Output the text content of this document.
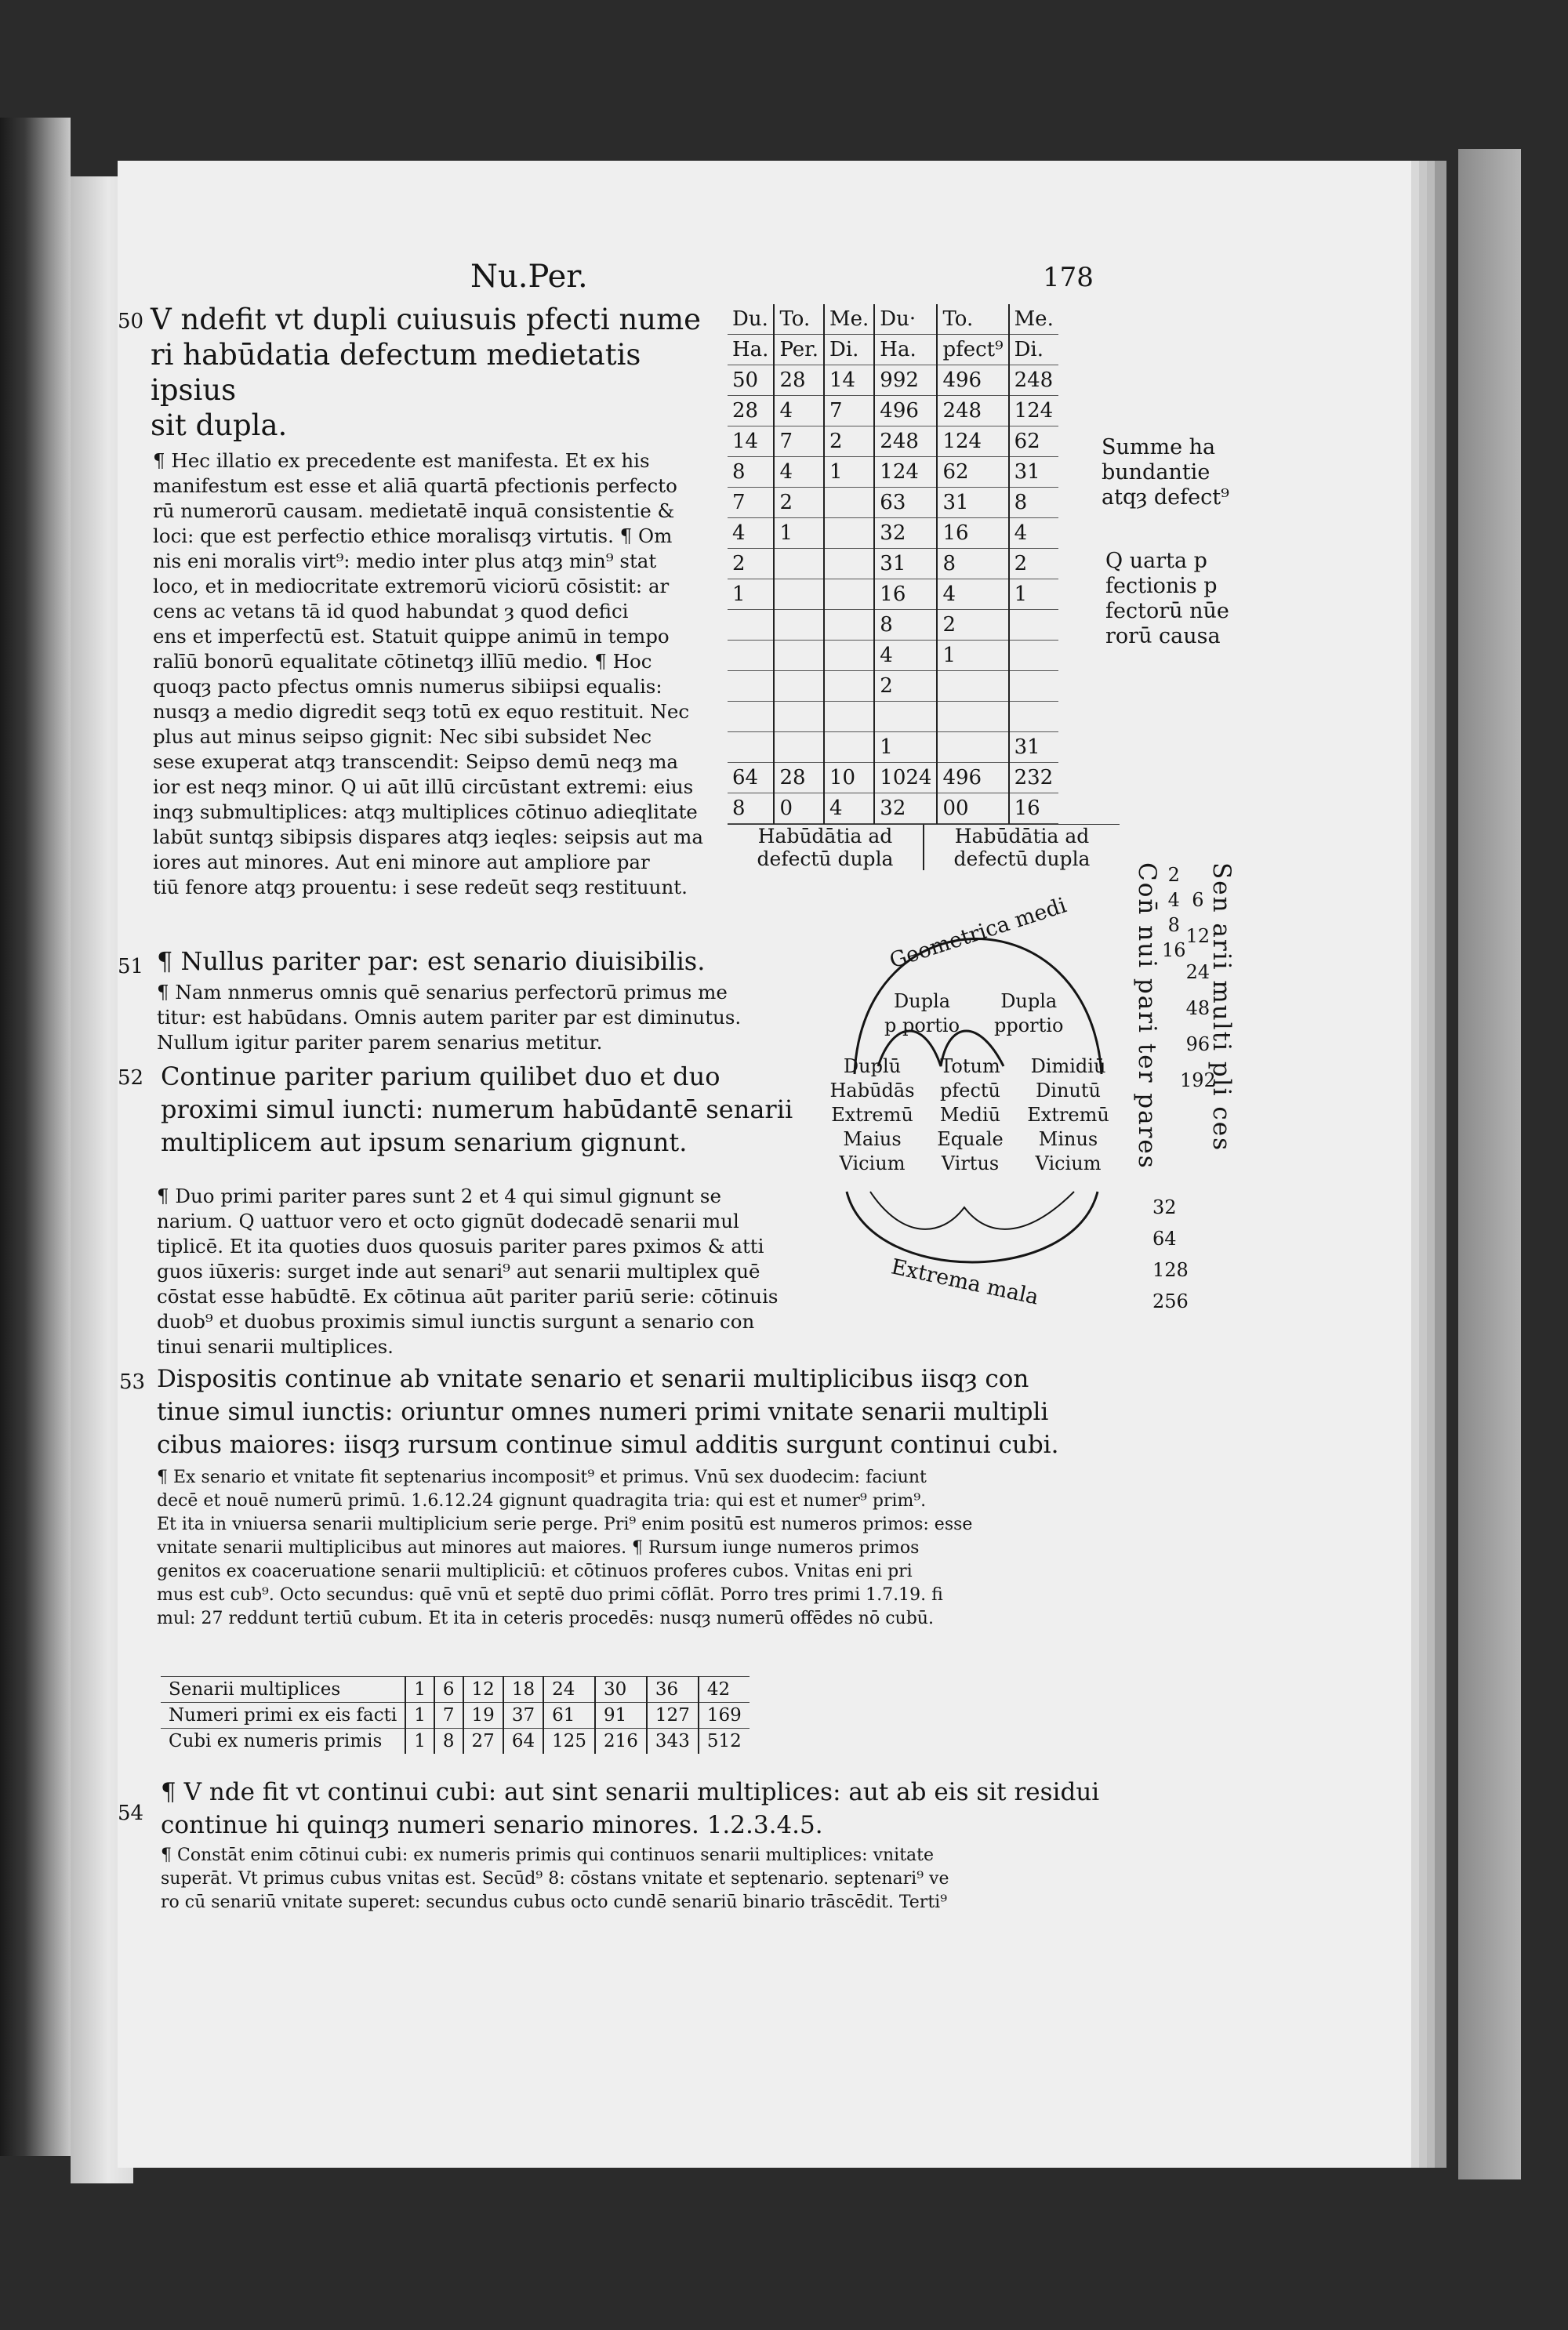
Nu.Per.	178
50 V ndefit vt dupli cuiusuis pfecti nume
ri habūdatia defectum medietatis ipsius
sit dupla.
¶ Hec illatio ex precedente est manifesta. Et ex his
manifestum est esse et aliā quartā pfectionis perfecto
rū numerorū causam. medietatē inquā consistentie &
loci: que est perfectio ethice moralisqȝ virtutis. ¶ Om
nis eni moralis virt⁹: medio inter plus atqȝ min⁹ stat
loco, et in mediocritate extremorū viciorū cōsistit: ar
cens ac vetans tā id quod habundat ȝ quod defici
ens et imperfectū est. Statuit quippe animū in tempo
ralīū bonorū equalitate cōtinetqȝ illīū medio. ¶ Hoc
quoqȝ pacto pfectus omnis numerus sibiipsi equalis:
nusqȝ a medio digredit seqȝ totū ex equo restituit. Nec
plus aut minus seipso gignit: Nec sibi subsidet Nec
sese exuperat atqȝ transcendit: Seipso demū neqȝ ma
ior est neqȝ minor. Q ui aūt illū circūstant extremi: eius
inqȝ submultiplices: atqȝ multiplices cōtinuo adieqlitate
labūt suntqȝ sibipsis dispares atqȝ ieqles: seipsis aut ma
iores aut minores. Aut eni minore aut ampliore par
tiū fenore atqȝ prouentu: i sese redeūt seqȝ restituunt.
Du.	To.	Me.	Du·	To.	Me.
Ha.	Per.	Di.	Ha.	pfect⁹	Di.
50	28	14	992	496	248
28	4	7	496	248	124
14	7	2	248	124	62
8	4	1	124	62	31
7	2		63	31	8
4	1		32	16	4
2			31	8	2
1			16	4	1
			8	2	
			4	1	
			2		

			1		31
64	28	10	1024	496	232
8	0	4	32	00	16
Habūdātia ad defectū dupla
Habūdātia ad defectū dupla
Summe ha
bundantie
atqȝ defect⁹
Q uarta p
fectionis p
fectorū nūe
rorū causa
51 ¶ Nullus pariter par: est senario diuisibilis.
¶ Nam nnmerus omnis quē senarius perfectorū primus me
titur: est habūdans. Omnis autem pariter par est diminutus.
Nullum igitur pariter parem senarius metitur.
Geometrica medi
Dupla
p portio
Dupla
pportio
Duplū
Habūdās
Extremū
Maius
Vicium
Totum
pfectū
Mediū
Equale
Virtus
Dimidiū
Dinutū
Extremū
Minus
Vicium
Extrema mala
Con̄ nui pari ter pares Sen arii multi pli ces
2
4
8
16
6
12
24
48
96
192
32
64
128
256
52 Continue pariter parium quilibet duo et duo
proximi simul iuncti: numerum habūdantē senarii
multiplicem aut ipsum senarium gignunt.
¶ Duo primi pariter pares sunt 2 et 4 qui simul gignunt se
narium. Q uattuor vero et octo gignūt dodecadē senarii mul
tiplicē. Et ita quoties duos quosuis pariter pares pximos & atti
guos iūxeris: surget inde aut senari⁹ aut senarii multiplex quē
cōstat esse habūdtē. Ex cōtinua aūt pariter pariū serie: cōtinuis
duob⁹ et duobus proximis simul iunctis surgunt a senario con
tinui senarii multiplices.
53 Dispositis continue ab vnitate senario et senarii multiplicibus iisqȝ con
tinue simul iunctis: oriuntur omnes numeri primi vnitate senarii multipli
cibus maiores: iisqȝ rursum continue simul additis surgunt continui cubi.
¶ Ex senario et vnitate fit septenarius incomposit⁹ et primus. Vnū sex duodecim: faciunt
decē et nouē numerū primū. 1.6.12.24 gignunt quadragita tria: qui est et numer⁹ prim⁹.
Et ita in vniuersa senarii multiplicium serie perge. Pri⁹ enim positū est numeros primos: esse
vnitate senarii multiplicibus aut minores aut maiores. ¶ Rursum iunge numeros primos
genitos ex coaceruatione senarii multipliciū: et cōtinuos proferes cubos. Vnitas eni pri
mus est cub⁹. Octo secundus: quē vnū et septē duo primi cōflāt. Porro tres primi 1.7.19. fi
mul: 27 reddunt tertiū cubum. Et ita in ceteris procedēs: nusqȝ numerū offēdes nō cubū.
Senarii multiplices	1	6	12	18	24	30	36	42
Numeri primi ex eis facti	1	7	19	37	61	91	127	169
Cubi ex numeris primis	1	8	27	64	125	216	343	512
54
¶ V nde fit vt continui cubi: aut sint senarii multiplices: aut ab eis sit residui
continue hi quinqȝ numeri senario minores. 1.2.3.4.5.
¶ Constāt enim cōtinui cubi: ex numeris primis qui continuos senarii multiplices: vnitate
superāt. Vt primus cubus vnitas est. Secūd⁹ 8: cōstans vnitate et septenario. septenari⁹ ve
ro cū senariū vnitate superet: secundus cubus octo cundē senariū binario trāscēdit. Terti⁹
